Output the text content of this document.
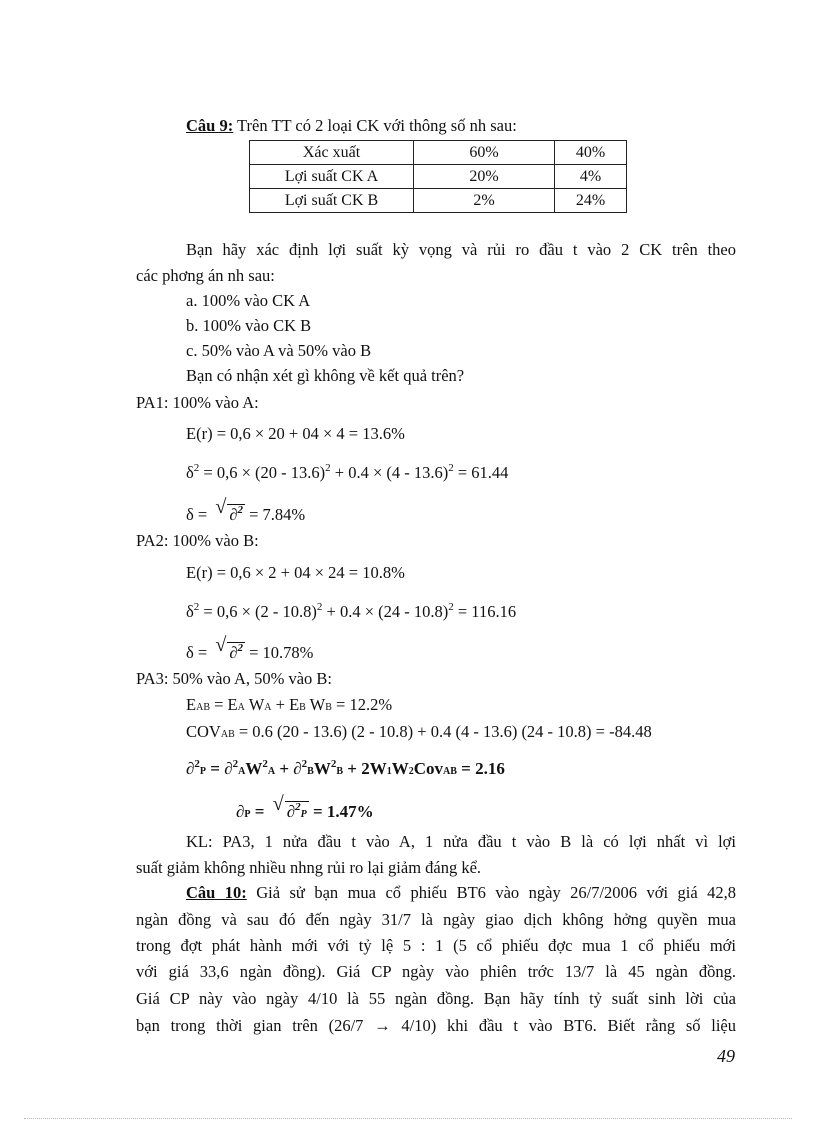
Câu 9: Trên TT có 2 loại CK với thông số nh sau:
Xác xuất	60%	40%
Lợi suất CK A	20%	4%
Lợi suất CK B	2%	24%
Bạn hãy xác định lợi suất kỳ vọng và rủi ro đầu t vào 2 CK trên theo
các phơng án nh sau:
a. 100% vào CK A
b. 100% vào CK B
c. 50% vào A và 50% vào B
Bạn có nhận xét gì không về kết quả trên?
PA1: 100% vào A:
E(r) = 0,6 × 20 + 04 × 4 = 13.6%
$\delta^2 = 0,6 \times (20 - 13.6)^2 + 0.4 \times (4 - 13.6)^2 = 61.44$
δ = √ ∂$^2$ = 7.84%
PA2: 100% vào B:
E(r) = 0,6 × 2 + 04 × 24 = 10.8%
$\delta^2 = 0,6 \times (2 - 10.8)^2 + 0.4 \times (24 - 10.8)^2 = 116.16$
δ = √ ∂$^2$ = 10.78%
PA3: 50% vào A, 50% vào B:
EAB = EA WA + EB WB = 12.2%
COVAB = 0.6 (20 - 13.6) (2 - 10.8) + 0.4 (4 - 13.6) (24 - 10.8) = -84.48
$\partial^2P = \partial^2AW^2A + \partial^2BW^2B$ + 2W1W2CovAB = 2.16
∂P = √ ∂$^2$P = 1.47%
KL: PA3, 1 nửa đầu t vào A, 1 nửa đầu t vào B là có lợi nhất vì lợi
suất giảm không nhiều nhng rủi ro lại giảm đáng kể.
Câu 10: Giả sử bạn mua cổ phiếu BT6 vào ngày 26/7/2006 với giá 42,8
ngàn đồng và sau đó đến ngày 31/7 là ngày giao dịch không hởng quyền mua
trong đợt phát hành mới với tỷ lệ 5 : 1 (5 cổ phiếu đợc mua 1 cổ phiếu mới
với giá 33,6 ngàn đồng). Giá CP ngày vào phiên trớc 13/7 là 45 ngàn đồng.
Giá CP này vào ngày 4/10 là 55 ngàn đồng. Bạn hãy tính tỷ suất sinh lời của
bạn trong thời gian trên (26/7 → 4/10) khi đầu t vào BT6. Biết rằng số liệu
49
